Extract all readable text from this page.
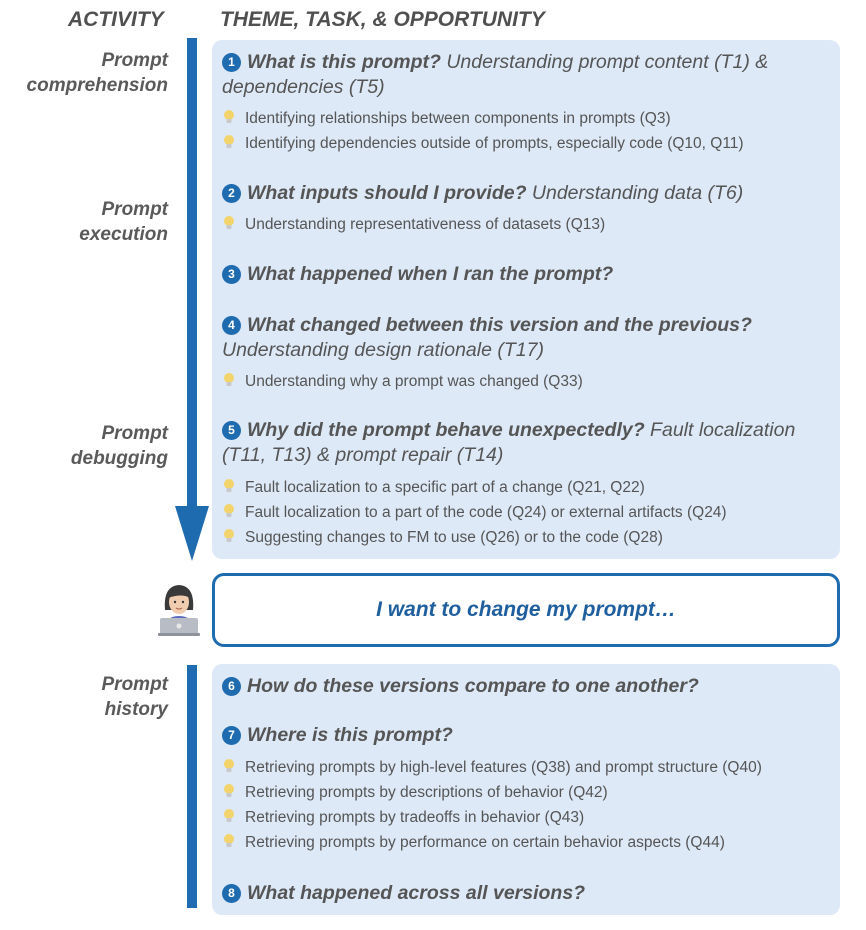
ACTIVITY	THEME, TASK, & OPPORTUNITY
Prompt
comprehension
Prompt
execution
Prompt
debugging
Prompt
history
1 What is this prompt? Understanding prompt content (T1) & dependencies (T5)
Identifying relationships between components in prompts (Q3)
Identifying dependencies outside of prompts, especially code (Q10, Q11)
2 What inputs should I provide? Understanding data (T6)
Understanding representativeness of datasets (Q13)
3 What happened when I ran the prompt?
4 What changed between this version and the previous?
Understanding design rationale (T17)
Understanding why a prompt was changed (Q33)
5 Why did the prompt behave unexpectedly? Fault localization (T11, T13) & prompt repair (T14)
Fault localization to a specific part of a change (Q21, Q22)
Fault localization to a part of the code (Q24) or external artifacts (Q24)
Suggesting changes to FM to use (Q26) or to the code (Q28)
I want to change my prompt…
6 How do these versions compare to one another?
7 Where is this prompt?
Retrieving prompts by high-level features (Q38) and prompt structure (Q40)
Retrieving prompts by descriptions of behavior (Q42)
Retrieving prompts by tradeoffs in behavior (Q43)
Retrieving prompts by performance on certain behavior aspects (Q44)
8 What happened across all versions?
